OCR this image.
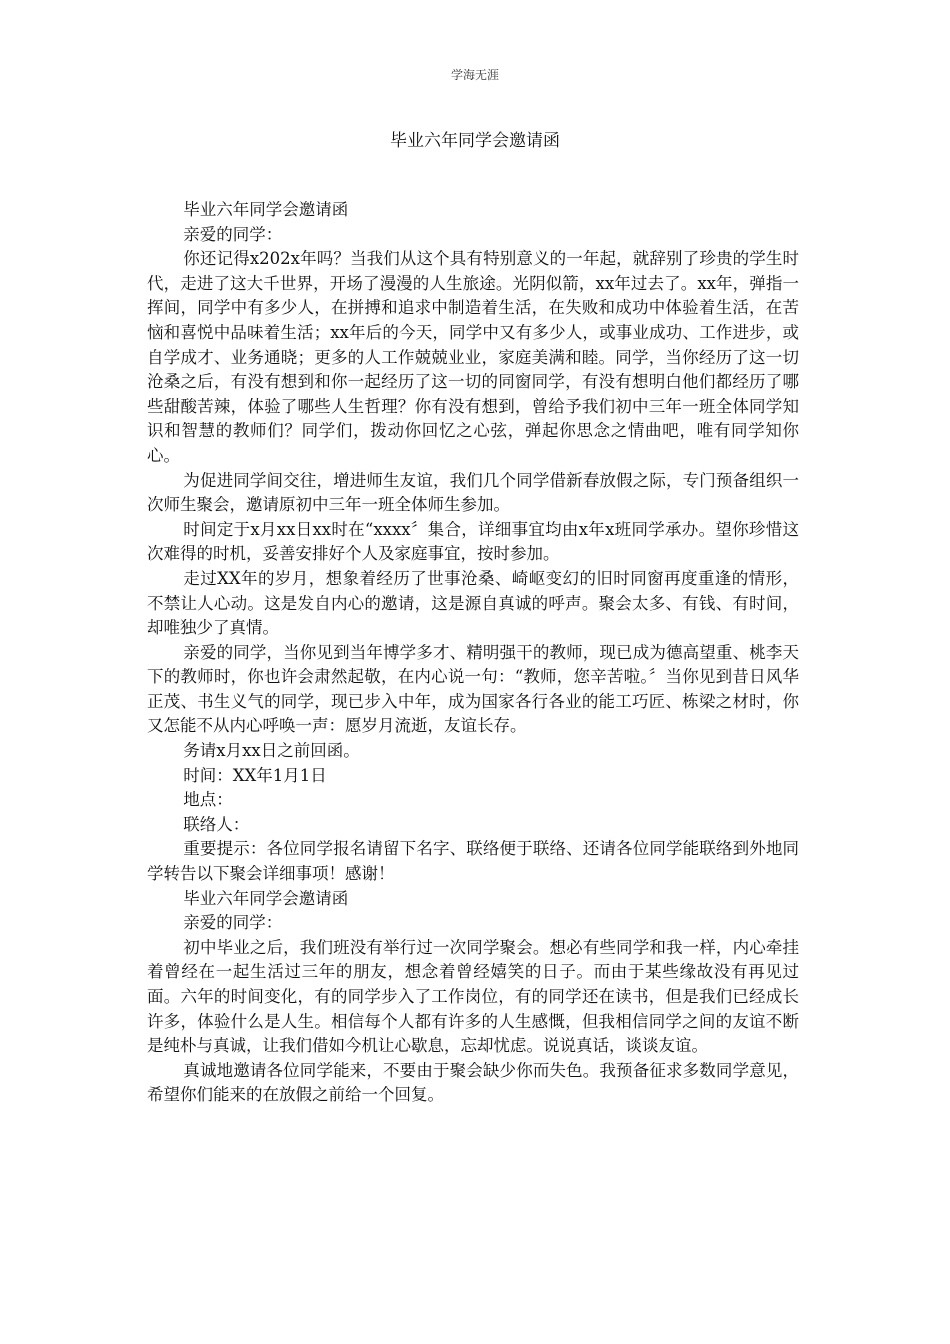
学海无涯
毕业六年同学会邀请函

毕业六年同学会邀请函

亲爱的同学：

你还记得x202x年吗？当我们从这个具有特别意义的一年起，就辞别了珍贵的学生时代，走进了这大千世界，开场了漫漫的人生旅途。光阴似箭，xx年过去了。xx年，弹指一挥间，同学中有多少人，在拼搏和追求中制造着生活，在失败和成功中体验着生活，在苦恼和喜悦中品味着生活；xx年后的今天，同学中又有多少人，或事业成功、工作进步，或自学成才、业务通晓；更多的人工作兢兢业业，家庭美满和睦。同学，当你经历了这一切沧桑之后，有没有想到和你一起经历了这一切的同窗同学，有没有想明白他们都经历了哪些甜酸苦辣，体验了哪些人生哲理？你有没有想到，曾给予我们初中三年一班全体同学知识和智慧的教师们？同学们，拨动你回忆之心弦，弹起你思念之情曲吧，唯有同学知你心。

为促进同学间交往，增进师生友谊，我们几个同学借新春放假之际，专门预备组织一次师生聚会，邀请原初中三年一班全体师生参加。

时间定于x月xx日xx时在“xxxx〞集合，详细事宜均由x年x班同学承办。望你珍惜这次难得的时机，妥善安排好个人及家庭事宜，按时参加。

走过XX年的岁月，想象着经历了世事沧桑、崎岖变幻的旧时同窗再度重逢的情形，不禁让人心动。这是发自内心的邀请，这是源自真诚的呼声。聚会太多、有钱、有时间，却唯独少了真情。

亲爱的同学，当你见到当年博学多才、精明强干的教师，现已成为德高望重、桃李天下的教师时，你也许会肃然起敬，在内心说一句：“教师，您辛苦啦。〞当你见到昔日风华正茂、书生义气的同学，现已步入中年，成为国家各行各业的能工巧匠、栋梁之材时，你又怎能不从内心呼唤一声：愿岁月流逝，友谊长存。

务请x月xx日之前回函。

时间：XX年1月1日

地点：

联络人：

重要提示：各位同学报名请留下名字、联络便于联络、还请各位同学能联络到外地同学转告以下聚会详细事项！感谢！

毕业六年同学会邀请函

亲爱的同学：

初中毕业之后，我们班没有举行过一次同学聚会。想必有些同学和我一样，内心牵挂着曾经在一起生活过三年的朋友，想念着曾经嬉笑的日子。而由于某些缘故没有再见过面。六年的时间变化，有的同学步入了工作岗位，有的同学还在读书，但是我们已经成长许多，体验什么是人生。相信每个人都有许多的人生感慨，但我相信同学之间的友谊不断是纯朴与真诚，让我们借如今机让心歇息，忘却忧虑。说说真话，谈谈友谊。

真诚地邀请各位同学能来，不要由于聚会缺少你而失色。我预备征求多数同学意见，希望你们能来的在放假之前给一个回复。
